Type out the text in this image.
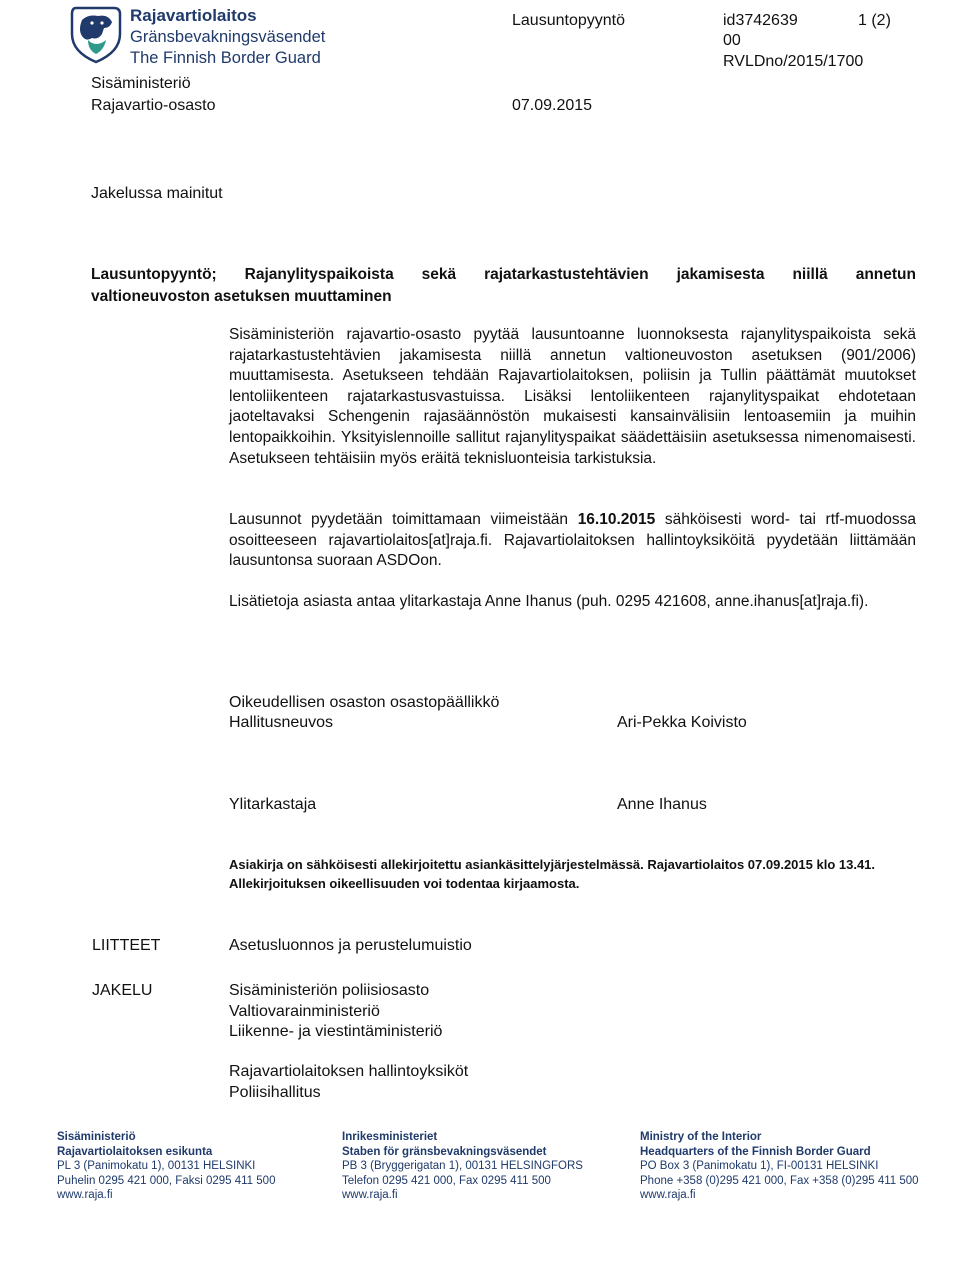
Rajavartiolaitos
Gränsbevakningsväsendet
The Finnish Border Guard
Lausuntopyyntö	id3742639
00
1 (2)
RVLDno/2015/1700
Sisäministeriö
Rajavartio-osasto	07.09.2015
Jakelussa mainitut
Lausuntopyyntö; Rajanylityspaikoista sekä rajatarkastustehtävien jakamisesta niillä annetun
valtioneuvoston asetuksen muuttaminen
Sisäministeriön rajavartio-osasto pyytää lausuntoanne luonnoksesta rajanylityspaikoista sekä rajatarkastustehtävien jakamisesta niillä annetun valtioneuvoston asetuksen (901/2006) muuttamisesta. Asetukseen tehdään Rajavartiolaitoksen, poliisin ja Tullin päättämät muutokset lentoliikenteen rajatarkastusvastuissa. Lisäksi lentoliikenteen rajanylityspaikat ehdotetaan jaoteltavaksi Schengenin rajasäännöstön mukaisesti kansainvälisiin lentoasemiin ja muihin lentopaikkoihin. Yksityislennoille sallitut rajanylityspaikat säädettäisiin asetuksessa nimenomaisesti. Asetukseen tehtäisiin myös eräitä teknisluonteisia tarkistuksia.
Lausunnot pyydetään toimittamaan viimeistään 16.10.2015 sähköisesti word- tai rtf-muodossa osoitteeseen rajavartiolaitos[at]raja.fi. Rajavartiolaitoksen hallintoyksiköitä pyydetään liittämään lausuntonsa suoraan ASDOon.
Lisätietoja asiasta antaa ylitarkastaja Anne Ihanus (puh. 0295 421608, anne.ihanus[at]raja.fi).
Oikeudellisen osaston osastopäällikkö
Hallitusneuvos	Ari-Pekka Koivisto
Ylitarkastaja	Anne Ihanus
Asiakirja on sähköisesti allekirjoitettu asiankäsittelyjärjestelmässä. Rajavartiolaitos 07.09.2015 klo 13.41. Allekirjoituksen oikeellisuuden voi todentaa kirjaamosta.
LIITTEET	Asetusluonnos ja perustelumuistio
JAKELU	Sisäministeriön poliisiosasto
Valtiovarainministeriö
Liikenne- ja viestintäministeriö
Rajavartiolaitoksen hallintoyksiköt
Poliisihallitus
Sisäministeriö
Rajavartiolaitoksen esikunta
PL 3 (Panimokatu 1), 00131 HELSINKI
Puhelin 0295 421 000, Faksi 0295 411 500
www.raja.fi
Inrikesministeriet
Staben för gränsbevakningsväsendet
PB 3 (Bryggerigatan 1), 00131 HELSINGFORS
Telefon 0295 421 000, Fax 0295 411 500
www.raja.fi
Ministry of the Interior
Headquarters of the Finnish Border Guard
PO Box 3 (Panimokatu 1), FI-00131 HELSINKI
Phone +358 (0)295 421 000, Fax +358 (0)295 411 500
www.raja.fi
